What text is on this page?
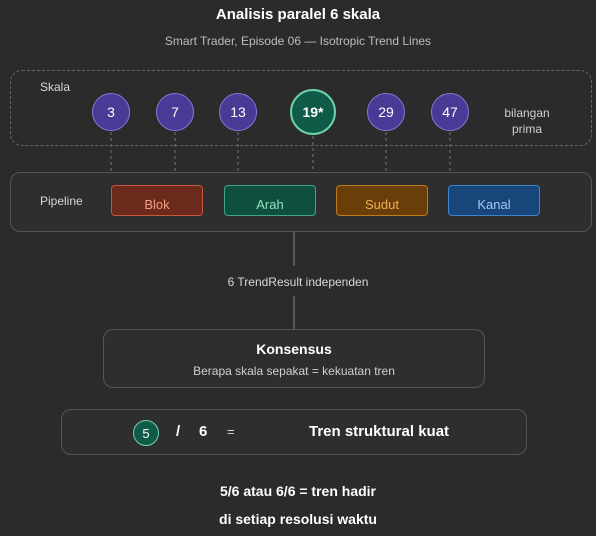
Analisis paralel 6 skala
Smart Trader, Episode 06 — Isotropic Trend Lines
Skala
3	7	13	19*	29	47	bilangan
prima
Pipeline	Blok	Arah	Sudut	Kanal
6 TrendResult independen
Konsensus
Berapa skala sepakat = kekuatan tren
5	/ 6 =	Tren struktural kuat
5/6 atau 6/6 = tren hadir
di setiap resolusi waktu
